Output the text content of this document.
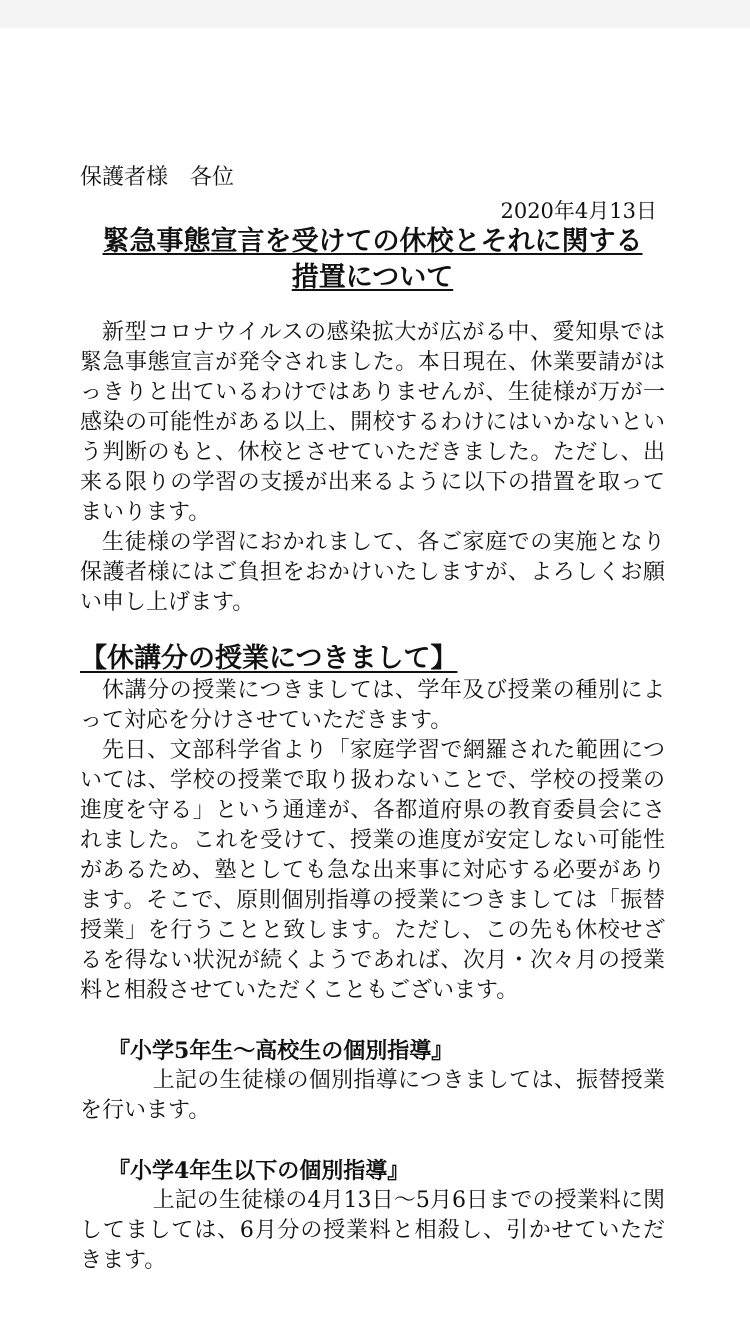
保護者様　各位
2020年4月13日
緊急事態宣言を受けての休校とそれに関する
措置について

新型コロナウイルスの感染拡大が広がる中、愛知県では緊急事態宣言が発令されました。本日現在、休業要請がはっきりと出ているわけではありませんが、生徒様が万が一感染の可能性がある以上、開校するわけにはいかないという判断のもと、休校とさせていただきました。ただし、出来る限りの学習の支援が出来るように以下の措置を取ってまいります。

生徒様の学習におかれまして、各ご家庭での実施となり保護者様にはご負担をおかけいたしますが、よろしくお願い申し上げます。

【休講分の授業につきまして】

休講分の授業につきましては、学年及び授業の種別によって対応を分けさせていただきます。

先日、文部科学省より「家庭学習で網羅された範囲については、学校の授業で取り扱わないことで、学校の授業の進度を守る」という通達が、各都道府県の教育委員会にされました。これを受けて、授業の進度が安定しない可能性があるため、塾としても急な出来事に対応する必要があります。そこで、原則個別指導の授業につきましては「振替授業」を行うことと致します。ただし、この先も休校せざるを得ない状況が続くようであれば、次月・次々月の授業料と相殺させていただくこともございます。

『小学5年生～高校生の個別指導』

上記の生徒様の個別指導につきましては、振替授業を行います。

『小学4年生以下の個別指導』

上記の生徒様の4月13日～5月6日までの授業料に関してましては、6月分の授業料と相殺し、引かせていただきます。
